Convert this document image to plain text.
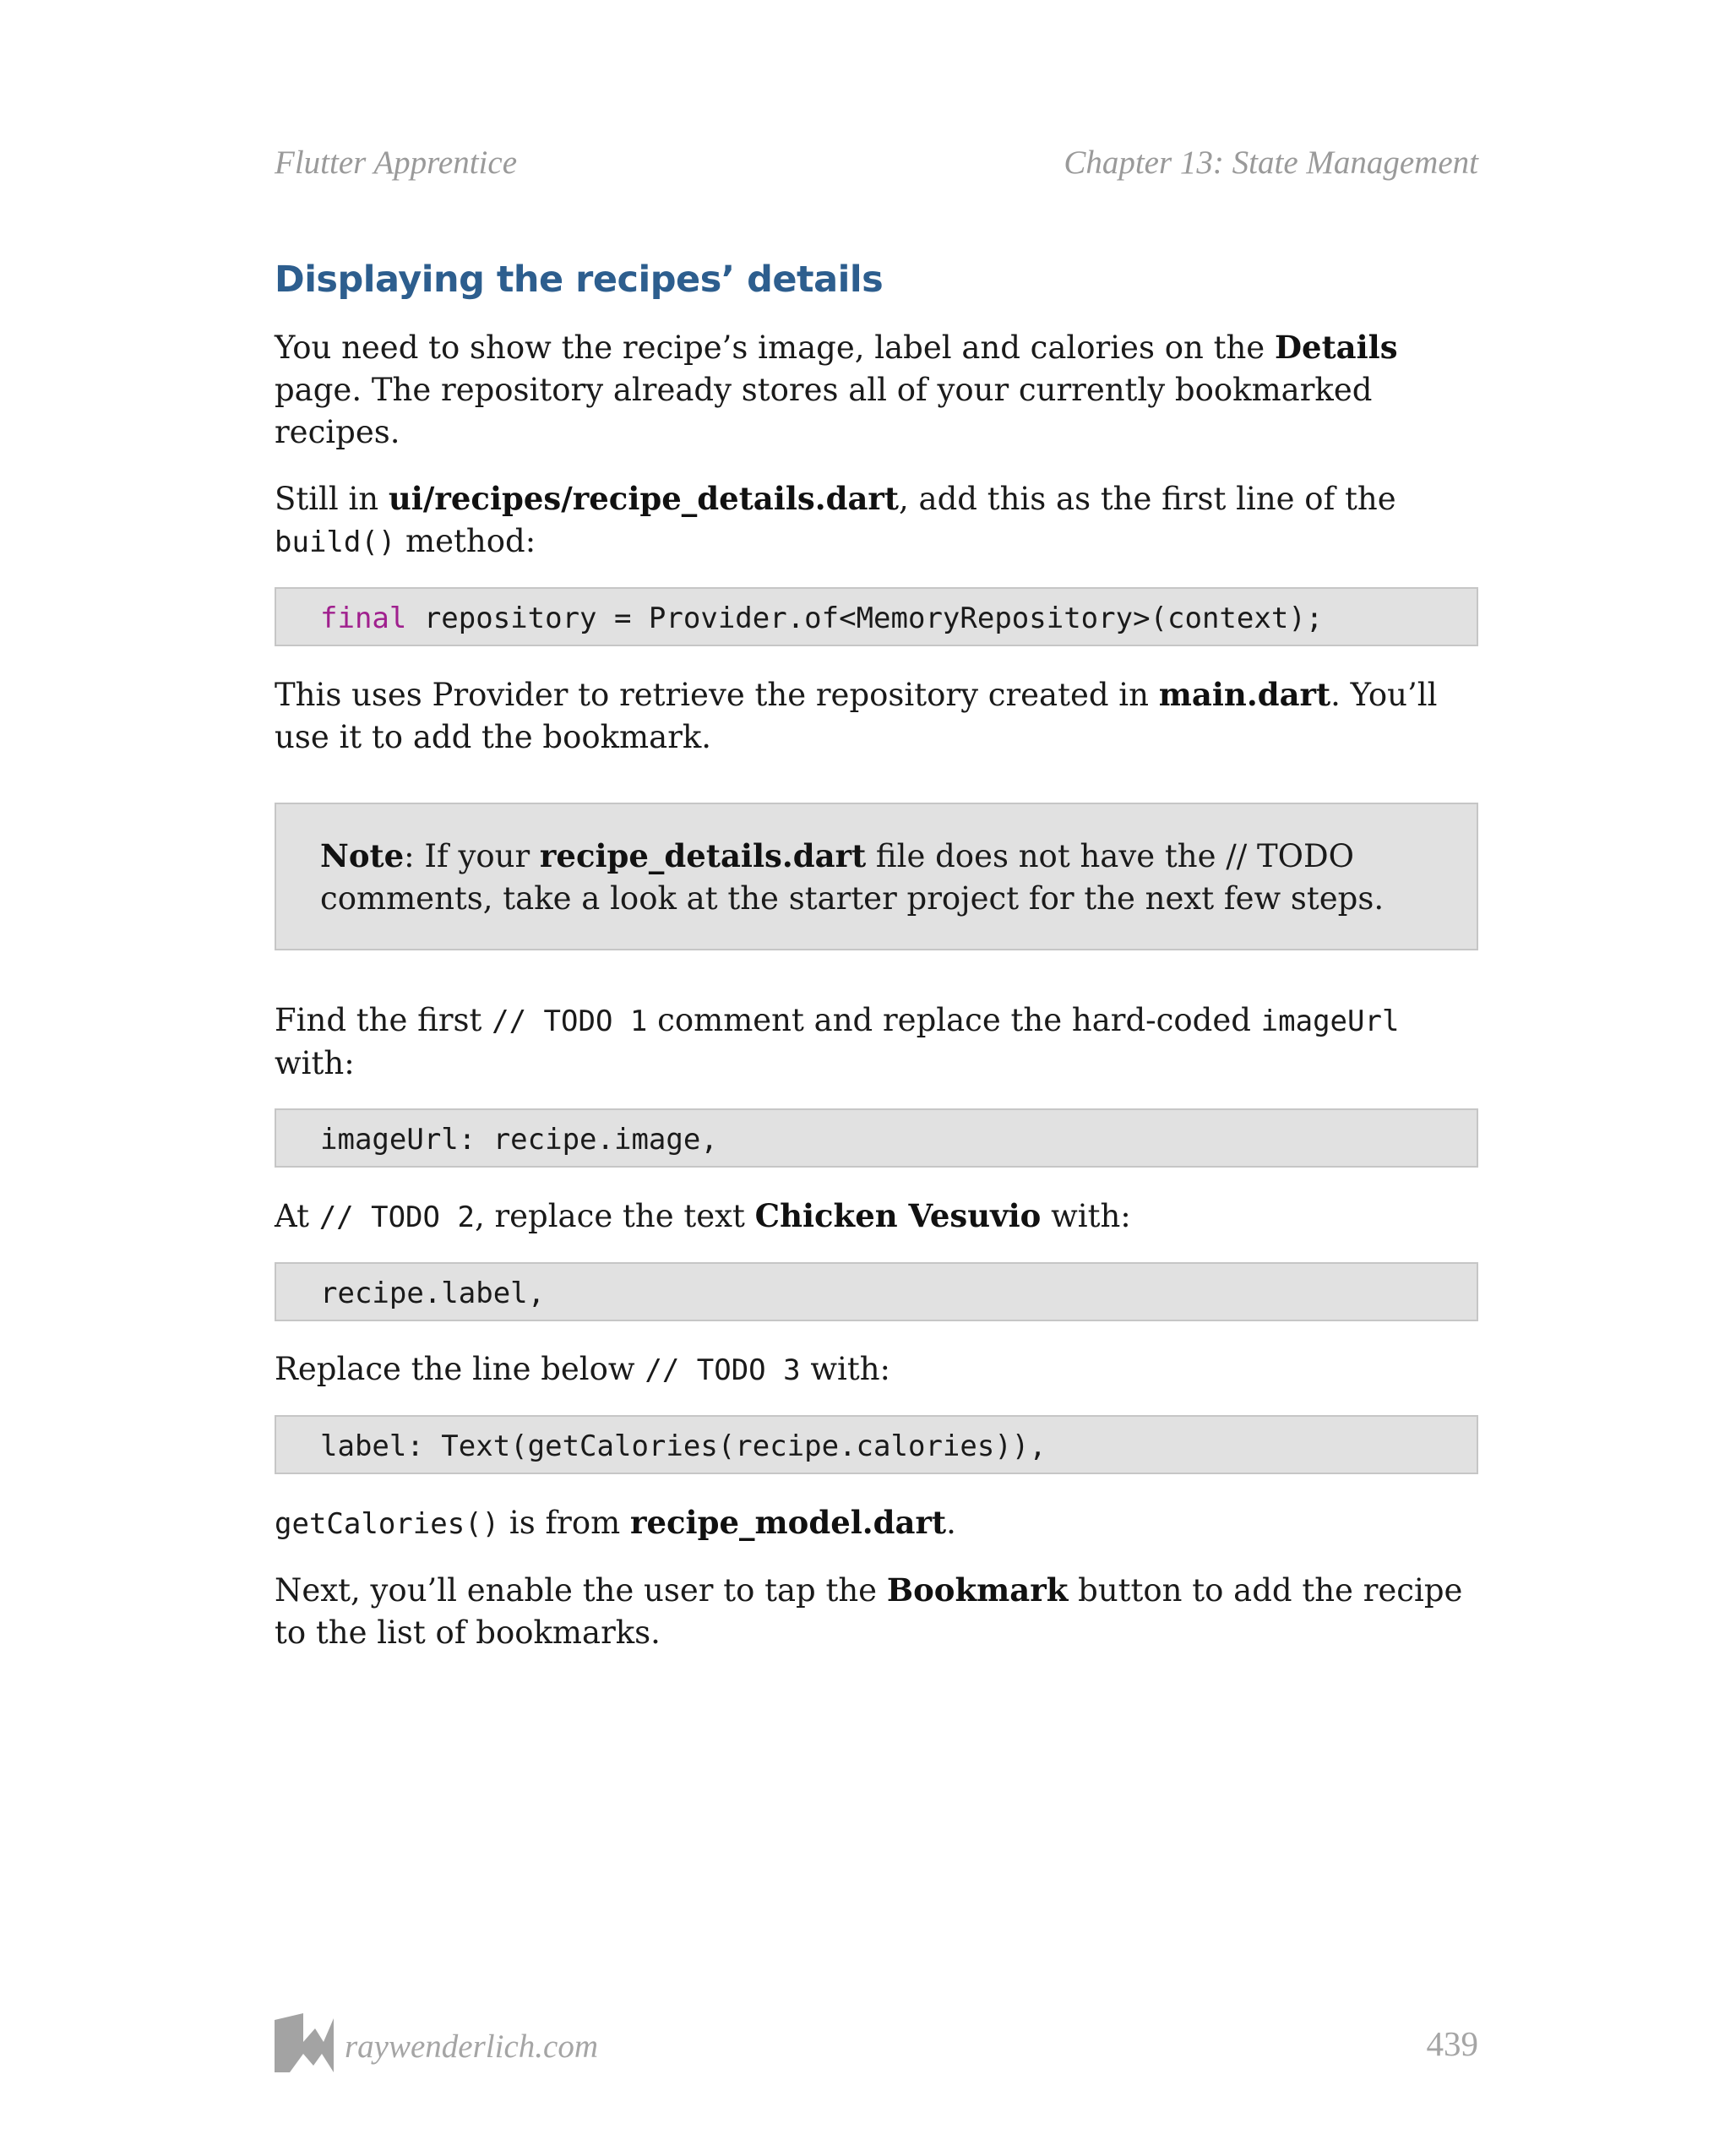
Flutter Apprentice	Chapter 13: State Management
Displaying the recipes’ details

You need to show the recipe’s image, label and calories on the Details page. The repository already stores all of your currently bookmarked recipes.

Still in ui/recipes/recipe_details.dart, add this as the first line of the build() method:

final repository = Provider.of<MemoryRepository>(context);

This uses Provider to retrieve the repository created in main.dart. You’ll use it to add the bookmark.

Note: If your recipe_details.dart file does not have the // TODO comments, take a look at the starter project for the next few steps.

Find the first // TODO 1 comment and replace the hard-coded imageUrl with:

imageUrl: recipe.image,

At // TODO 2, replace the text Chicken Vesuvio with:

recipe.label,

Replace the line below // TODO 3 with:

label: Text(getCalories(recipe.calories)),

getCalories() is from recipe_model.dart.

Next, you’ll enable the user to tap the Bookmark button to add the recipe to the list of bookmarks.

raywenderlich.com	439
